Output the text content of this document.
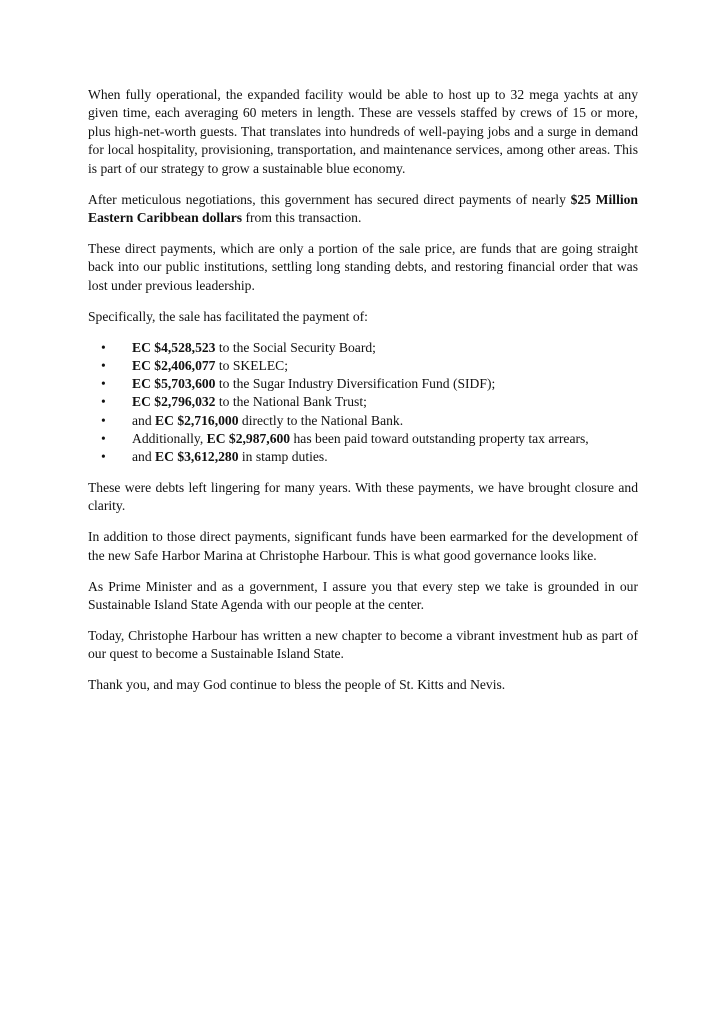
When fully operational, the expanded facility would be able to host up to 32 mega yachts at any given time, each averaging 60 meters in length. These are vessels staffed by crews of 15 or more, plus high-net-worth guests. That translates into hundreds of well-paying jobs and a surge in demand for local hospitality, provisioning, transportation, and maintenance services, among other areas. This is part of our strategy to grow a sustainable blue economy.

After meticulous negotiations, this government has secured direct payments of nearly $25 Million Eastern Caribbean dollars from this transaction.

These direct payments, which are only a portion of the sale price, are funds that are going straight back into our public institutions, settling long standing debts, and restoring financial order that was lost under previous leadership.

Specifically, the sale has facilitated the payment of:

• EC $4,528,523 to the Social Security Board;
• EC $2,406,077 to SKELEC;
• EC $5,703,600 to the Sugar Industry Diversification Fund (SIDF);
• EC $2,796,032 to the National Bank Trust;
• and EC $2,716,000 directly to the National Bank.
• Additionally, EC $2,987,600 has been paid toward outstanding property tax arrears,
• and EC $3,612,280 in stamp duties.

These were debts left lingering for many years. With these payments, we have brought closure and clarity.

In addition to those direct payments, significant funds have been earmarked for the development of the new Safe Harbor Marina at Christophe Harbour. This is what good governance looks like.

As Prime Minister and as a government, I assure you that every step we take is grounded in our Sustainable Island State Agenda with our people at the center.

Today, Christophe Harbour has written a new chapter to become a vibrant investment hub as part of our quest to become a Sustainable Island State.

Thank you, and may God continue to bless the people of St. Kitts and Nevis.
